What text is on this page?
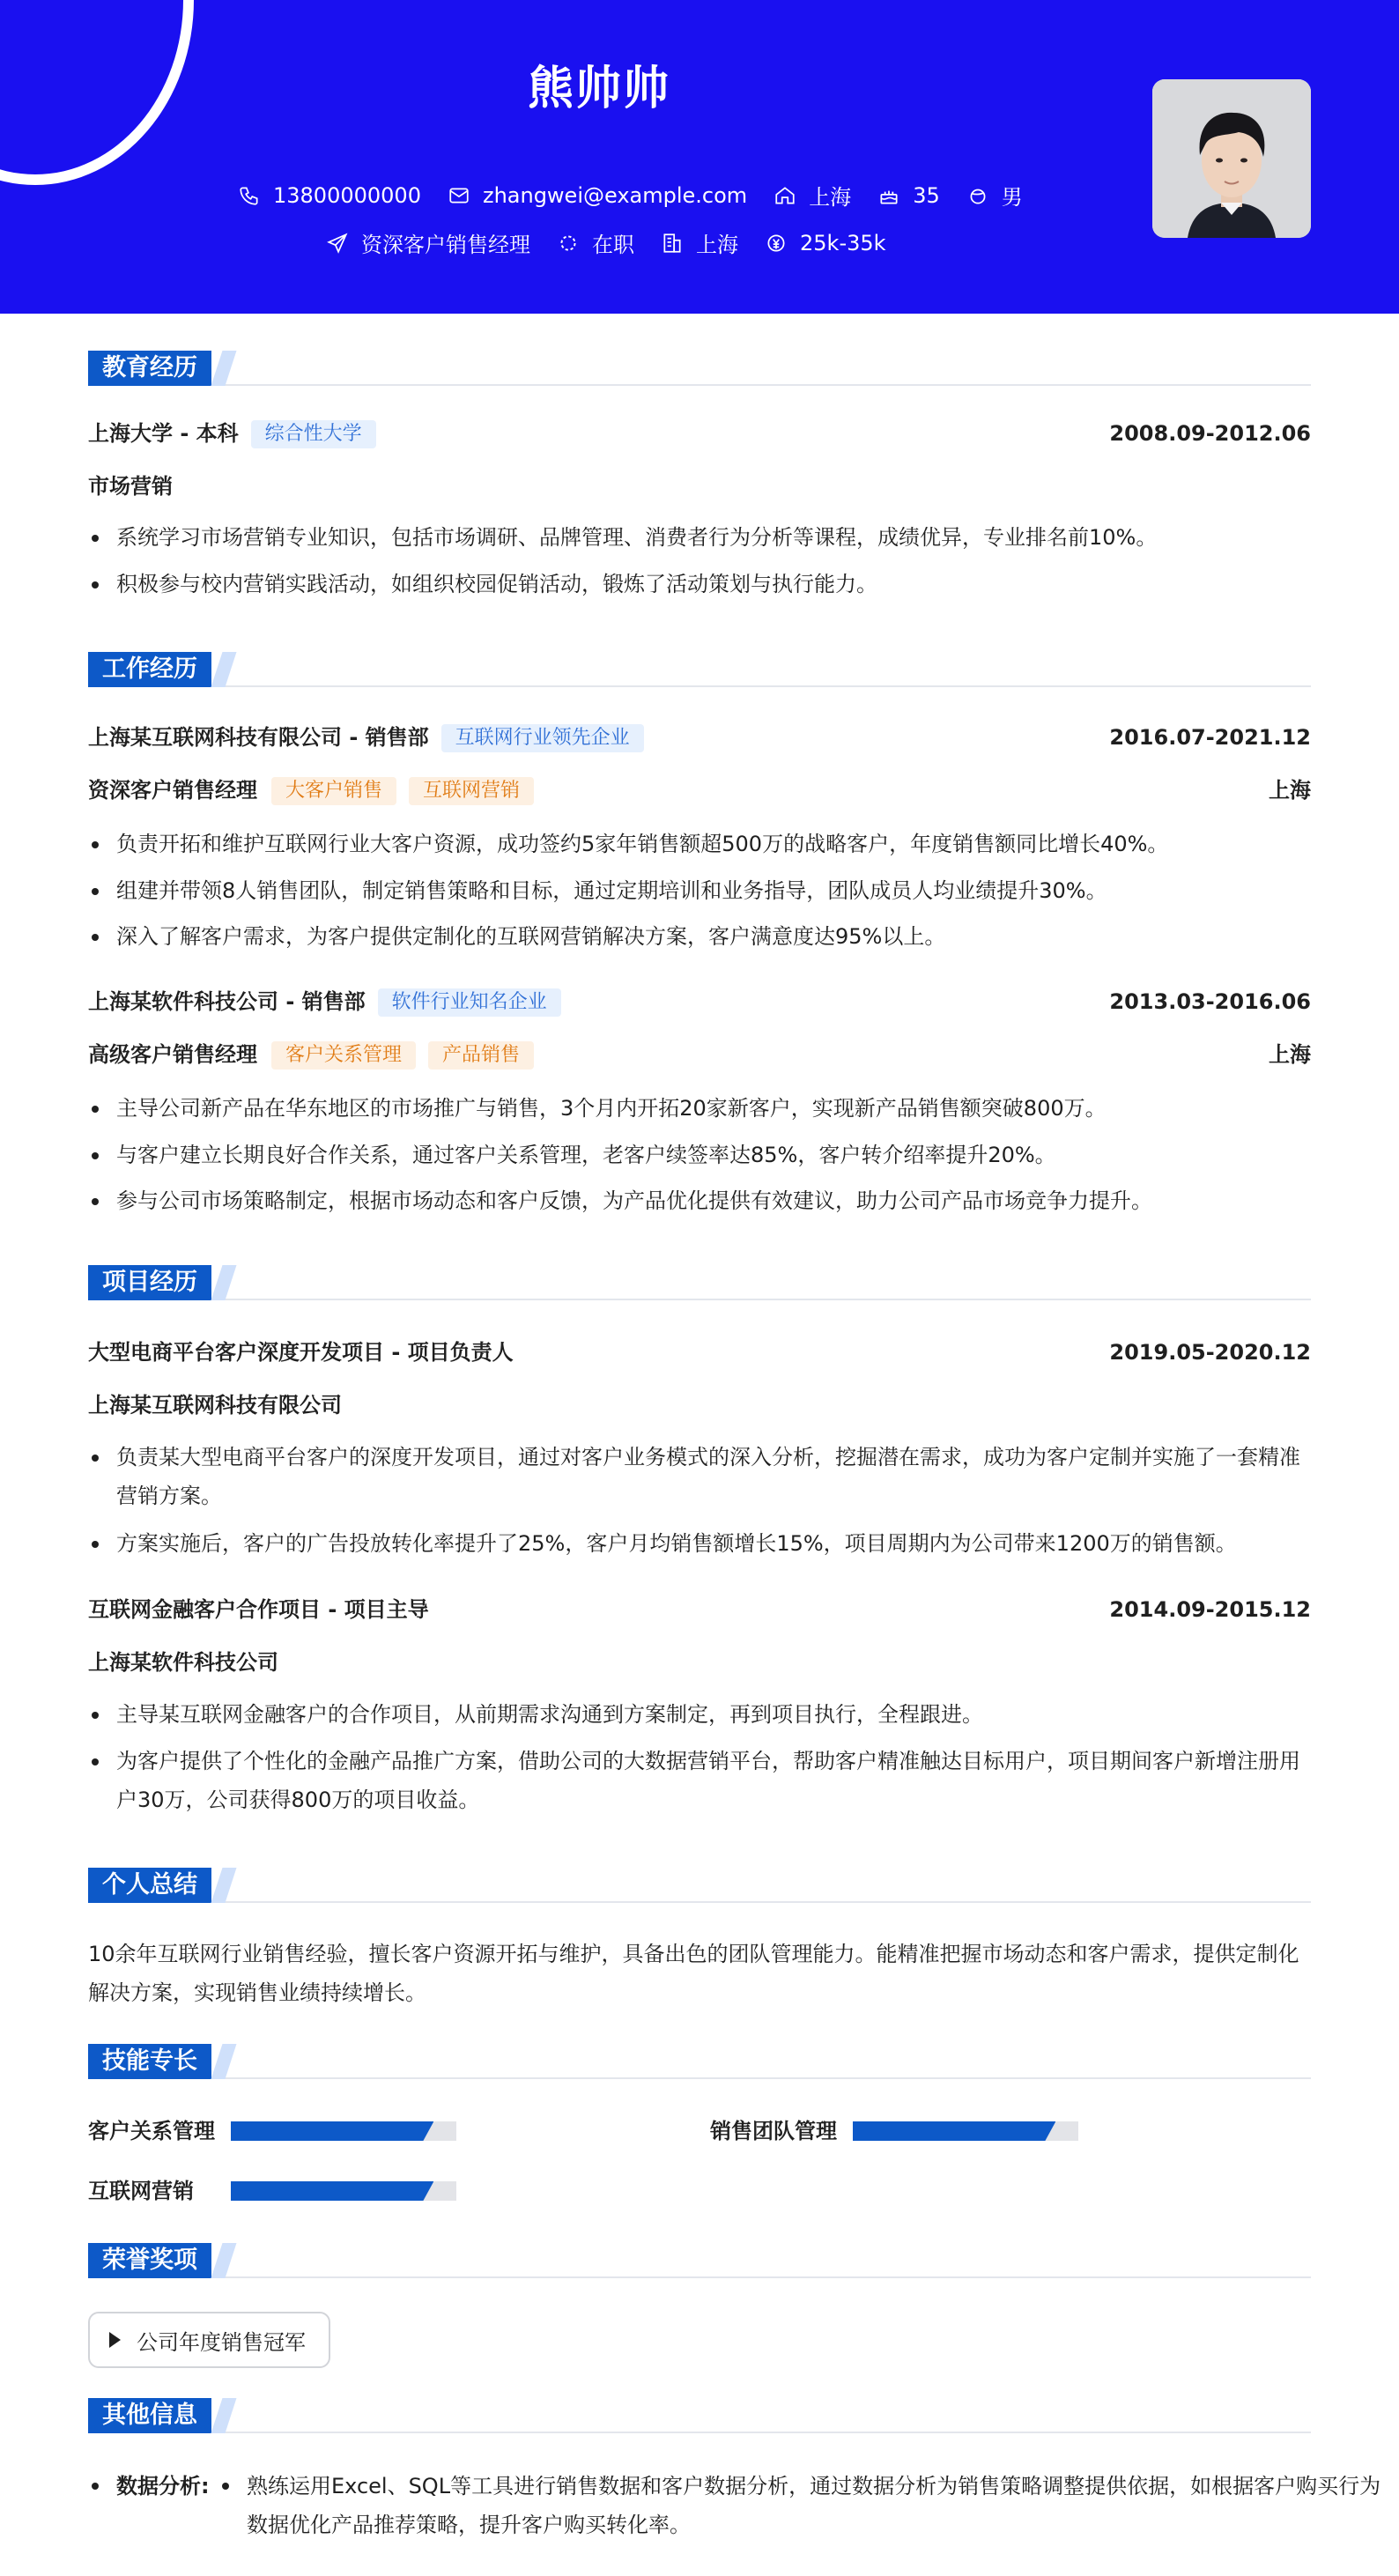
熊帅帅
13800000000	zhangwei@example.com	上海	35	男
资深客户销售经理	在职	上海	25k-35k
教育经历
上海大学 - 本科 综合性大学	2008.09-2012.06
市场营销
系统学习市场营销专业知识，包括市场调研、品牌管理、消费者行为分析等课程，成绩优异，专业排名前10%。
积极参与校内营销实践活动，如组织校园促销活动，锻炼了活动策划与执行能力。
工作经历
上海某互联网科技有限公司 - 销售部 互联网行业领先企业	2016.07-2021.12
资深客户销售经理 大客户销售 互联网营销	上海
负责开拓和维护互联网行业大客户资源，成功签约5家年销售额超500万的战略客户，年度销售额同比增长40%。
组建并带领8人销售团队，制定销售策略和目标，通过定期培训和业务指导，团队成员人均业绩提升30%。
深入了解客户需求，为客户提供定制化的互联网营销解决方案，客户满意度达95%以上。
上海某软件科技公司 - 销售部 软件行业知名企业	2013.03-2016.06
高级客户销售经理 客户关系管理 产品销售	上海
主导公司新产品在华东地区的市场推广与销售，3个月内开拓20家新客户，实现新产品销售额突破800万。
与客户建立长期良好合作关系，通过客户关系管理，老客户续签率达85%，客户转介绍率提升20%。
参与公司市场策略制定，根据市场动态和客户反馈，为产品优化提供有效建议，助力公司产品市场竞争力提升。
项目经历
大型电商平台客户深度开发项目 - 项目负责人	2019.05-2020.12
上海某互联网科技有限公司
负责某大型电商平台客户的深度开发项目，通过对客户业务模式的深入分析，挖掘潜在需求，成功为客户定制并实施了一套精准营销方案。
方案实施后，客户的广告投放转化率提升了25%，客户月均销售额增长15%，项目周期内为公司带来1200万的销售额。
互联网金融客户合作项目 - 项目主导	2014.09-2015.12
上海某软件科技公司
主导某互联网金融客户的合作项目，从前期需求沟通到方案制定，再到项目执行，全程跟进。
为客户提供了个性化的金融产品推广方案，借助公司的大数据营销平台，帮助客户精准触达目标用户，项目期间客户新增注册用户30万，公司获得800万的项目收益。
个人总结
10余年互联网行业销售经验，擅长客户资源开拓与维护，具备出色的团队管理能力。能精准把握市场动态和客户需求，提供定制化解决方案，实现销售业绩持续增长。
技能专长
客户关系管理	销售团队管理
互联网营销
荣誉奖项
公司年度销售冠军
其他信息
数据分析: 熟练运用Excel、SQL等工具进行销售数据和客户数据分析，通过数据分析为销售策略调整提供依据，如根据客户购买行为数据优化产品推荐策略，提升客户购买转化率。
